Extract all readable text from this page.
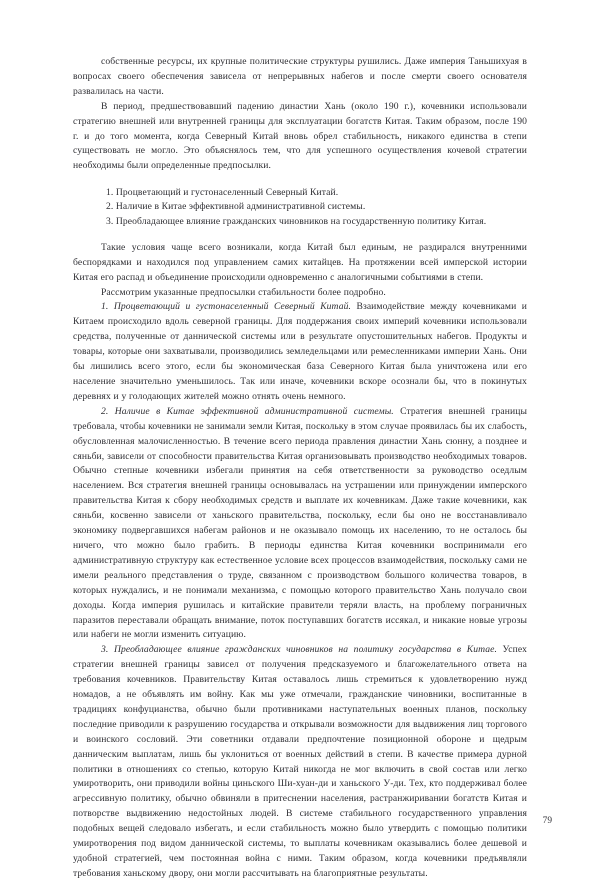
собственные ресурсы, их крупные политические структуры рушились. Даже империя Таньшихуая в вопросах своего обеспечения зависела от непрерывных набегов и после смерти своего основателя развалилась на части.

В период, предшествовавший падению династии Хань (около 190 г.), кочевники использовали стратегию внешней или внутренней границы для эксплуатации богатств Китая. Таким образом, после 190 г. и до того момента, когда Северный Китай вновь обрел стабильность, никакого единства в степи существовать не могло. Это объяснялось тем, что для успешного осуществления кочевой стратегии необходимы были определенные предпосылки.

1. Процветающий и густонаселенный Северный Китай.
2. Наличие в Китае эффективной административной системы.
3. Преобладающее влияние гражданских чиновников на государственную политику Китая.

Такие условия чаще всего возникали, когда Китай был единым, не раздирался внутренними беспорядками и находился под управлением самих китайцев. На протяжении всей имперской истории Китая его распад и объединение происходили одновременно с аналогичными событиями в степи.

Рассмотрим указанные предпосылки стабильности более подробно.

1. Процветающий и густонаселенный Северный Китай. Взаимодействие между кочевниками и Китаем происходило вдоль северной границы. Для поддержания своих империй кочевники использовали средства, полученные от даннической системы или в результате опустошительных набегов. Продукты и товары, которые они захватывали, производились земледельцами или ремесленниками империи Хань. Они бы лишились всего этого, если бы экономическая база Северного Китая была уничтожена или его население значительно уменьшилось. Так или иначе, кочевники вскоре осознали бы, что в покинутых деревнях и у голодающих жителей можно отнять очень немного.

2. Наличие в Китае эффективной административной системы. Стратегия внешней границы требовала, чтобы кочевники не занимали земли Китая, поскольку в этом случае проявилась бы их слабость, обусловленная малочисленностью. В течение всего периода правления династии Хань сюнну, а позднее и сяньби, зависели от способности правительства Китая организовывать производство необходимых товаров. Обычно степные кочевники избегали принятия на себя ответственности за руководство оседлым населением. Вся стратегия внешней границы основывалась на устрашении или принуждении имперского правительства Китая к сбору необходимых средств и выплате их кочевникам. Даже такие кочевники, как сяньби, косвенно зависели от ханьского правительства, поскольку, если бы оно не восстанавливало экономику подвергавшихся набегам районов и не оказывало помощь их населению, то не осталось бы ничего, что можно было грабить. В периоды единства Китая кочевники воспринимали его административную структуру как естественное условие всех процессов взаимодействия, поскольку сами не имели реального представления о труде, связанном с производством большого количества товаров, в которых нуждались, и не понимали механизма, с помощью которого правительство Хань получало свои доходы. Когда империя рушилась и китайские правители теряли власть, на проблему пограничных паразитов переставали обращать внимание, поток поступавших богатств иссякал, и никакие новые угрозы или набеги не могли изменить ситуацию.

3. Преобладающее влияние гражданских чиновников на политику государства в Китае. Успех стратегии внешней границы зависел от получения предсказуемого и благожелательного ответа на требования кочевников. Правительству Китая оставалось лишь стремиться к удовлетворению нужд номадов, а не объявлять им войну. Как мы уже отмечали, гражданские чиновники, воспитанные в традициях конфуцианства, обычно были противниками наступательных военных планов, поскольку последние приводили к разрушению государства и открывали возможности для выдвижения лиц торгового и воинского сословий. Эти советники отдавали предпочтение позиционной обороне и щедрым данническим выплатам, лишь бы уклониться от военных действий в степи. В качестве примера дурной политики в отношениях со степью, которую Китай никогда не мог включить в свой состав или легко умиротворить, они приводили войны циньского Ши-хуан-ди и ханьского У-ди. Тех, кто поддерживал более агрессивную политику, обычно обвиняли в притеснении населения, растранжиривании богатств Китая и потворстве выдвижению недостойных людей. В системе стабильного государственного управления подобных вещей следовало избегать, и если стабильность можно было утвердить с помощью политики умиротворения под видом даннической системы, то выплаты кочевникам оказывались более дешевой и удобной стратегией, чем постоянная война с ними. Таким образом, когда кочевники предъявляли требования ханьскому двору, они могли рассчитывать на благоприятные результаты.

79
